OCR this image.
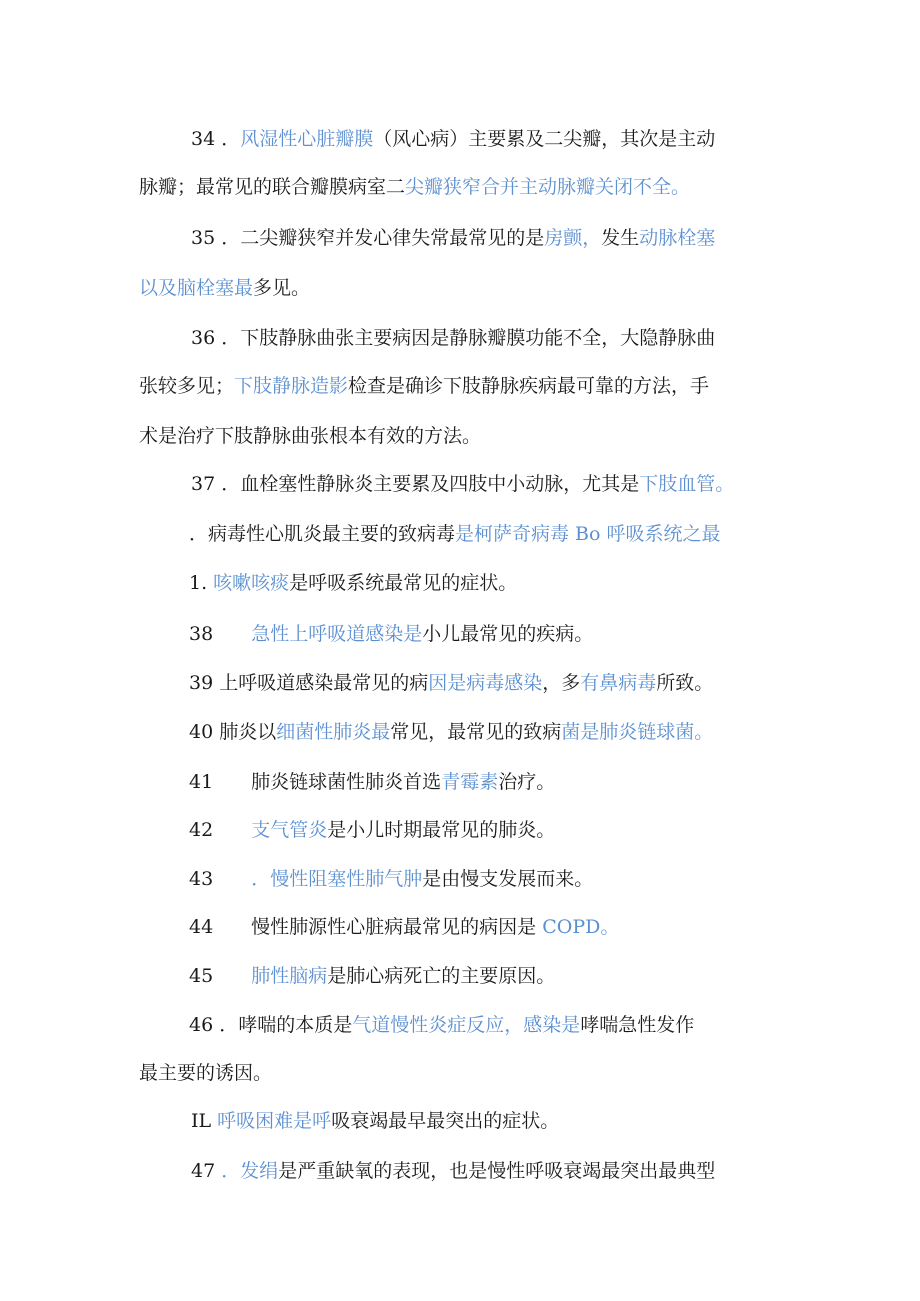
34 ．风湿性心脏瓣膜（风心病）主要累及二尖瓣，其次是主动
脉瓣；最常见的联合瓣膜病室二尖瓣狭窄合并主动脉瓣关闭不全。
35 ．二尖瓣狭窄并发心律失常最常见的是房颤，发生动脉栓塞
以及脑栓塞最多见。
36 ．下肢静脉曲张主要病因是静脉瓣膜功能不全，大隐静脉曲
张较多见；下肢静脉造影检查是确诊下肢静脉疾病最可靠的方法，手
术是治疗下肢静脉曲张根本有效的方法。
37 ．血栓塞性静脉炎主要累及四肢中小动脉，尤其是下肢血管。
．病毒性心肌炎最主要的致病毒是柯萨奇病毒 Bo 呼吸系统之最
1. 咳嗽咳痰是呼吸系统最常见的症状。
38　　急性上呼吸道感染是小儿最常见的疾病。
39 上呼吸道感染最常见的病因是病毒感染，多有鼻病毒所致。
40 肺炎以细菌性肺炎最常见，最常见的致病菌是肺炎链球菌。
41　　肺炎链球菌性肺炎首选青霉素治疗。
42　　支气管炎是小儿时期最常见的肺炎。
43　　．慢性阻塞性肺气肿是由慢支发展而来。
44　　慢性肺源性心脏病最常见的病因是 COPD。
45　　肺性脑病是肺心病死亡的主要原因。
46 ．哮喘的本质是气道慢性炎症反应，感染是哮喘急性发作
最主要的诱因。
IL 呼吸困难是呼吸衰竭最早最突出的症状。
47 ．发绢是严重缺氧的表现，也是慢性呼吸衰竭最突出最典型
